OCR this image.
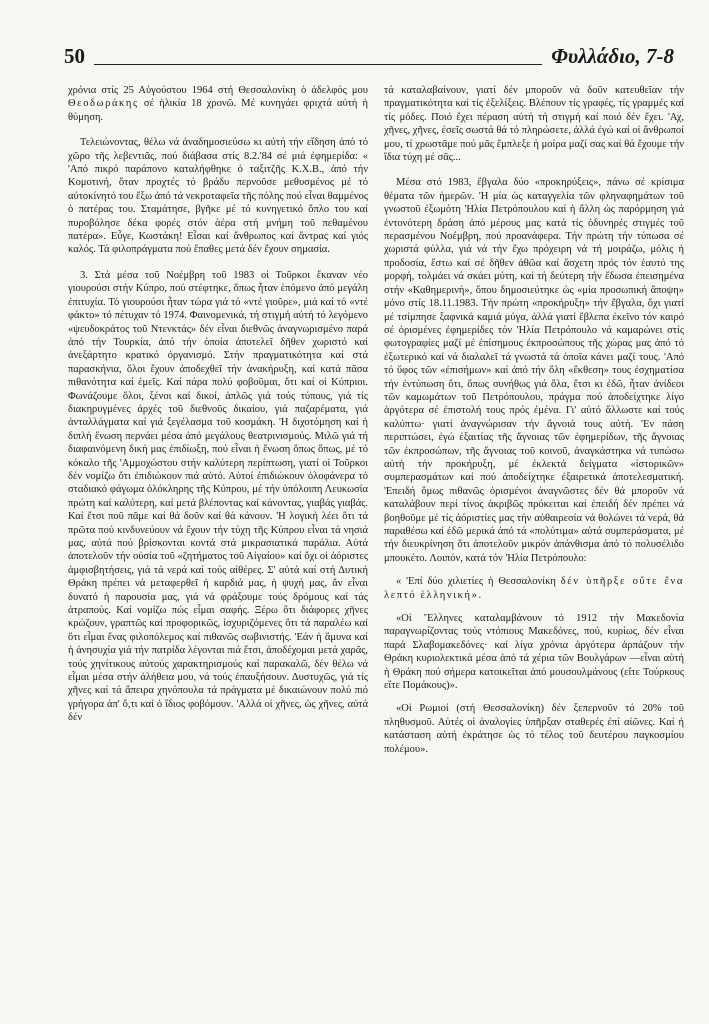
50	Φυλλάδιο, 7-8

χρόνια στίς 25 Αὐγούστου 1964 στή Θεσσαλονίκη ὁ ἀδελφός μου Θεοδωράκης σέ ἡλικία 18 χρονῶ. Μέ κυνηγάει φριχτά αὐτή ἡ θύμηση.

Τελειώνοντας, θέλω νά ἀναδημοσιεύσω κι αὐτή τήν εἴδηση ἀπό τό χῶρο τῆς λεβεντιᾶς, πού διάβασα στίς 8.2.'84 σέ μιά ἐφημερίδα: « 'Από πικρό παράπονο καταλήφθηκε ὁ ταξιτζῆς Κ.Χ.Β., ἀπό τήν Κομοτινή, ὅταν προχτές τό βράδυ περνοῦσε μεθυσμένος μέ τό αὐτοκίνητό του ἔξω ἀπό τά νεκροταφεῖα τῆς πόλης πού εἶναι θαμμένος ὁ πατέρας του. Σταμάτησε, βγῆκε μέ τό κυνηγετικό ὅπλο του καί πυροβόλησε δέκα φορές στόν ἀέρα στή μνήμη τοῦ πεθαμένου πατέρα». Εὖγε, Κωστάκη! Εἶσαι καί ἄνθρωπος καί ἄντρας καί γιός καλός. Τά φιλοπράγματα πού ἔπαθες μετά δέν ἔχουν σημασία.

3. Στά μέσα τοῦ Νοέμβρη τοῦ 1983 οἱ Τοῦρκοι ἔκαναν νέο γιουρούσι στήν Κύπρο, πού στέφτηκε, ὅπως ἦταν ἑπόμενο ἀπό μεγάλη ἐπιτυχία. Τό γιουρούσι ἦταν τώρα γιά τό «ντέ γιοῦρε», μιά καί τό «ντέ φάκτο» τό πέτυχαν τό 1974. Φαινομενικά, τή στιγμή αὐτή τό λεγόμενο «ψευδοκράτος τοῦ Ντενκτάς» δέν εἶναι διεθνῶς ἀναγνωρισμένο παρά ἀπό τήν Τουρκία, ἀπό τήν ὁποία ἀποτελεῖ δῆθεν χωριστό καί ἀνεξάρτητο κρατικό ὀργανισμό. Στήν πραγματικότητα καί στά παρασκήνια, ὅλοι ἔχουν ἀποδεχθεῖ τήν ἀνακήρυξη, καί κατά πᾶσα πιθανότητα καί ἐμεῖς. Καί πάρα πολύ φοβοῦμαι, ὅτι καί οἱ Κύπριοι. Φωνάζουμε ὅλοι, ξένοι καί δικοί, ἁπλῶς γιά τούς τύπους, γιά τίς διακηρυγμένες ἀρχές τοῦ διεθνοῦς δικαίου, γιά παζαρέματα, γιά ἀνταλλάγματα καί γιά ξεγέλασμα τοῦ κοσμάκη. 'Η διχοτόμηση καί ἡ διπλή ἕνωση περνάει μέσα ἀπό μεγάλους θεατρινισμούς. Μιλῶ γιά τή διαφαινόμενη δική μας ἐπιδίωξη, πού εἶναι ἡ ἕνωση ὅπως ὅπως, μέ τό κόκαλο τῆς 'Αμμοχώστου στήν καλύτερη περίπτωση, γιατί οἱ Τοῦρκοι δέν νομίζω ὅτι ἐπιδιώκουν πιά αὐτό. Αὐτοί ἐπιδιώκουν ὁλοφάνερα τό σταδιακό φάγωμα ὁλόκληρης τῆς Κύπρου, μέ τήν ὑπόλοιπη Λευκωσία πρώτη καί καλύτερη, καί μετά βλέποντας καί κάνοντας, γιαβάς γιαβάς. Καί ἔτσι ποῦ πᾶμε καί θά δοῦν καί θά κάνουν. 'Η λογική λέει ὅτι τά πρῶτα πού κινδυνεύουν νά ἔχουν τήν τύχη τῆς Κύπρου εἶναι τά νησιά μας, αὐτά πού βρίσκονται κοντά στά μικρασιατικά παράλια. Αὐτά ἀποτελοῦν τήν οὐσία τοῦ «ζητήματος τοῦ Αἰγαίου» καί ὄχι οἱ ἀόριστες ἀμφισβητήσεις, γιά τά νερά καί τούς αἰθέρες. Σ' αὐτά καί στή Δυτική Θράκη πρέπει νά μεταφερθεῖ ἡ καρδιά μας, ἡ ψυχή μας, ἄν εἶναι δυνατό ἡ παρουσία μας, γιά νά φράξουμε τούς δρόμους καί τάς ἀτραπούς. Καί νομίζω πώς εἶμαι σαφής. Ξέρω ὅτι διάφορες χῆνες κρώζουν, γραπτῶς καί προφορικῶς, ἰσχυριζόμενες ὅτι τά παραλέω καί ὅτι εἶμαι ἕνας φιλοπόλεμος καί πιθανῶς σωβινιστής. 'Εάν ἡ ἄμυνα καί ἡ ἀνησυχία γιά τήν πατρίδα λέγονται πιά ἔτσι, ἀποδέχομαι μετά χαρᾶς, τούς χηνίτικους αὐτούς χαρακτηρισμούς καί παρακαλῶ, δέν θέλω νά εἶμαι μέσα στήν ἀλήθεια μου, νά τούς ἐπαυξήσουν. Δυστυχῶς, γιά τίς χῆνες καί τά ἄπειρα χηνόπουλα τά πράγματα μέ δικαιώνουν πολύ πιό γρήγορα ἀπ' ὅ,τι καί ὁ ἴδιος φοβόμουν. 'Αλλά οἱ χῆνες, ὡς χῆνες, αὐτά δέν

τά καταλαβαίνουν, γιατί δέν μποροῦν νά δοῦν κατευθεῖαν τήν πραγματικότητα καί τίς ἐξελίξεις. Βλέπουν τίς γραφές, τίς γραμμές καί τίς μόδες. Ποιό ἔχει πέραση αὐτή τή στιγμή καί ποιό δέν ἔχει. 'Αχ, χῆνες, χῆνες, ἐσεῖς σωστά θά τό πληρώσετε, ἀλλά ἐγώ καί οἱ ἄνθρωποί μου, τί χρωστᾶμε πού μᾶς ἔμπλεξε ἡ μοίρα μαζί σας καί θά ἔχουμε τήν ἴδια τύχη μέ σᾶς...

Μέσα στό 1983, ἔβγαλα δύο «προκηρύξεις», πάνω σέ κρίσιμα θέματα τῶν ἡμερῶν. 'Η μία ὡς καταγγελία τῶν φληναφημάτων τοῦ γνωστοῦ ἐξωμότη 'Ηλία Πετρόπουλου καί ἡ ἄλλη ὡς παρόρμηση γιά ἐντονότερη δράση ἀπό μέρους μας κατά τίς ὀδυνηρές στιγμές τοῦ περασμένου Νοέμβρη, πού προανάφερα. Τήν πρώτη τήν τύπωσα σέ χωριστά φύλλα, γιά νά τήν ἔχω πρόχειρη νά τή μοιράζω, μόλις ἡ προδοσία, ἔστω καί σέ δῆθεν ἀθῶα καί ἄσχετη πρός τόν ἑαυτό της μορφή, τολμάει νά σκάει μύτη, καί τή δεύτερη τήν ἔδωσα ἐπεισημένα στήν «Καθημερινή», ὅπου δημοσιεύτηκε ὡς «μία προσωπική ἄποψη» μόνο στίς 18.11.1983. Τήν πρώτη «προκήρυξη» τήν ἔβγαλα, ὄχι γιατί μέ τσίμπησε ξαφνικά καμιά μύγα, ἀλλά γιατί ἔβλεπα ἐκεῖνο τόν καιρό σέ ὁρισμένες ἐφημερίδες τόν 'Ηλία Πετρόπουλο νά καμαρώνει στίς φωτογραφίες μαζί μέ ἐπίσημους ἐκπροσώπους τῆς χώρας μας ἀπό τό ἐξωτερικό καί νά διαλαλεῖ τά γνωστά τά ὁποῖα κάνει μαζί τους. 'Από τό ὕφος τῶν «ἐπισήμων» καί ἀπό τήν ὅλη «ἔκθεση» τους ἐσχηματίσα τήν ἐντύπωση ὅτι, ὅπως συνήθως γιά ὅλα, ἔτσι κι ἐδῶ, ἦταν ἀνίδεοι τῶν καμωμάτων τοῦ Πετρόπουλου, πράγμα πού ἀποδείχτηκε λίγο ἀργότερα σέ ἐπιστολή τους πρός ἐμένα. Γι' αὐτό ἄλλωστε καί τούς καλύπτω· γιατί ἀναγνώρισαν τήν ἄγνοιά τους αὐτή. 'Εν πάση περιπτώσει, ἐγώ ἐξαιτίας τῆς ἄγνοιας τῶν ἐφημερίδων, τῆς ἄγνοιας τῶν ἐκπροσώπων, τῆς ἄγνοιας τοῦ κοινοῦ, ἀναγκάστηκα νά τυπώσω αὐτή τήν προκήρυξη, μέ ἐκλεκτά δείγματα «ἱστορικῶν» συμπερασμάτων καί πού ἀποδείχτηκε ἐξαιρετικά ἀποτελεσματική. 'Επειδή ὅμως πιθανῶς ὁρισμένοι ἀναγνῶστες δέν θά μποροῦν νά καταλάβουν περί τίνος ἀκριβῶς πρόκειται καί ἐπειδή δέν πρέπει νά βοηθοῦμε μέ τίς ἀόριστίες μας τήν αὐθαιρεσία νά θολώνει τά νερά, θά παραθέσω καί ἐδῶ μερικά ἀπό τά «πολύτιμα» αὐτά συμπεράσματα, μέ τήν διευκρίνηση ὅτι ἀποτελοῦν μικρόν ἀπάνθισμα ἀπό τό πολυσέλιδο μπουκέτο. Λοιπόν, κατά τόν 'Ηλία Πετρόπουλο:

« 'Επί δύο χιλιετίες ἡ Θεσσαλονίκη δέν ὑπῆρξε οὔτε ἕνα λεπτό ἑλληνική».

«Οἱ Ἕλληνες καταλαμβάνουν τό 1912 τήν Μακεδονία παραγνωρίζοντας τούς ντόπιους Μακεδόνες, πού, κυρίως, δέν εἶναι παρά Σλαβομακεδόνες· καί λίγα χρόνια ἀργότερα ἁρπάζουν τήν Θράκη κυριολεκτικά μέσα ἀπό τά χέρια τῶν Βουλγάρων —εἶναι αὐτή ἡ Θράκη πού σήμερα κατοικεῖται ἀπό μουσουλμάνους (εἴτε Τούρκους εἴτε Πομάκους)».

«Οἱ Ρωμιοί (στή Θεσσαλονίκη) δέν ξεπερνοῦν τό 20% τοῦ πληθυσμοῦ. Αὐτές οἱ ἀναλογίες ὑπῆρξαν σταθερές ἐπί αἰῶνες. Καί ἡ κατάσταση αὐτή ἐκράτησε ὡς τό τέλος τοῦ δευτέρου παγκοσμίου πολέμου».
